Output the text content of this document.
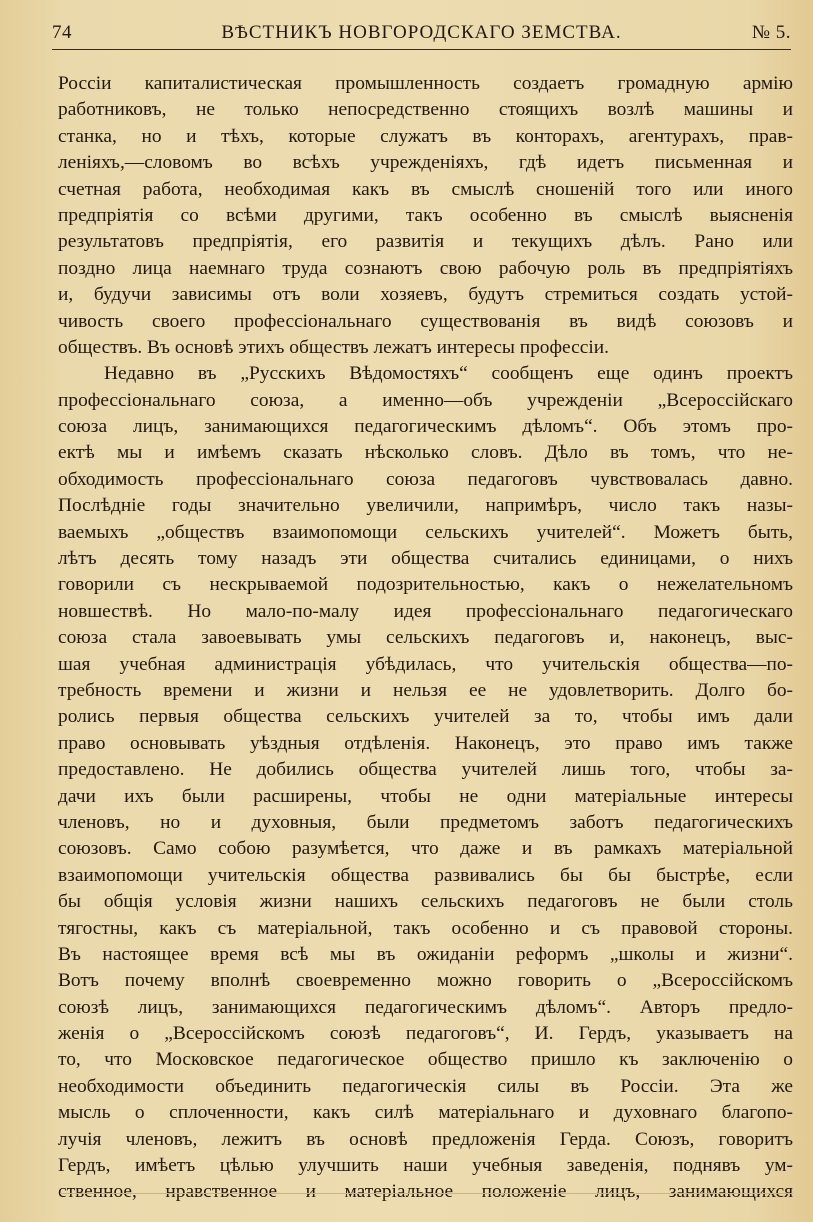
74	ВѢСТНИКЪ НОВГОРОДСКАГО ЗЕМСТВА.	№ 5.
Россіи капиталистическая промышленность создаетъ громадную армію
работниковъ, не только непосредственно стоящихъ возлѣ машины и
станка, но и тѣхъ, которые служатъ въ конторахъ, агентурахъ, прав-
леніяхъ,—словомъ во всѣхъ учрежденіяхъ, гдѣ идетъ письменная и
счетная работа, необходимая какъ въ смыслѣ сношеній того или иного
предпріятія со всѣми другими, такъ особенно въ смыслѣ выясненія
результатовъ предпріятія, его развитія и текущихъ дѣлъ. Рано или
поздно лица наемнаго труда сознаютъ свою рабочую роль въ предпріятіяхъ
и, будучи зависимы отъ воли хозяевъ, будутъ стремиться создать устой-
чивость своего профессіональнаго существованія въ видѣ союзовъ и
обществъ. Въ основѣ этихъ обществъ лежатъ интересы профессіи.
Недавно въ „Русскихъ Вѣдомостяхъ“ сообщенъ еще одинъ проектъ
профессіональнаго союза, а именно—объ учрежденіи „Всероссійскаго
союза лицъ, занимающихся педагогическимъ дѣломъ“. Объ этомъ про-
ектѣ мы и имѣемъ сказать нѣсколько словъ. Дѣло въ томъ, что не-
обходимость профессіональнаго союза педагоговъ чувствовалась давно.
Послѣдніе годы значительно увеличили, напримѣръ, число такъ назы-
ваемыхъ „обществъ взаимопомощи сельскихъ учителей“. Можетъ быть,
лѣтъ десять тому назадъ эти общества считались единицами, о нихъ
говорили съ нескрываемой подозрительностью, какъ о нежелательномъ
новшествѣ. Но мало-по-малу идея профессіональнаго педагогическаго
союза стала завоевывать умы сельскихъ педагоговъ и, наконецъ, выс-
шая учебная администрація убѣдилась, что учительскія общества—по-
требность времени и жизни и нельзя ее не удовлетворить. Долго бо-
ролись первыя общества сельскихъ учителей за то, чтобы имъ дали
право основывать уѣздныя отдѣленія. Наконецъ, это право имъ также
предоставлено. Не добились общества учителей лишь того, чтобы за-
дачи ихъ были расширены, чтобы не одни матеріальные интересы
членовъ, но и духовныя, были предметомъ заботъ педагогическихъ
союзовъ. Само собою разумѣется, что даже и въ рамкахъ матеріальной
взаимопомощи учительскія общества развивались бы бы быстрѣе, если
бы общія условія жизни нашихъ сельскихъ педагоговъ не были столь
тягостны, какъ съ матеріальной, такъ особенно и съ правовой стороны.
Въ настоящее время всѣ мы въ ожиданіи реформъ „школы и жизни“.
Вотъ почему вполнѣ своевременно можно говорить о „Всероссійскомъ
союзѣ лицъ, занимающихся педагогическимъ дѣломъ“. Авторъ предло-
женія о „Всероссійскомъ союзѣ педагоговъ“, И. Гердъ, указываетъ на
то, что Московское педагогическое общество пришло къ заключенію о
необходимости объединить педагогическія силы въ Россіи. Эта же
мысль о сплоченности, какъ силѣ матеріальнаго и духовнаго благопо-
лучія членовъ, лежитъ въ основѣ предложенія Герда. Союзъ, говоритъ
Гердъ, имѣетъ цѣлью улучшить наши учебныя заведенія, поднявъ ум-
ственное, нравственное и матеріальное положеніе лицъ, занимающихся
